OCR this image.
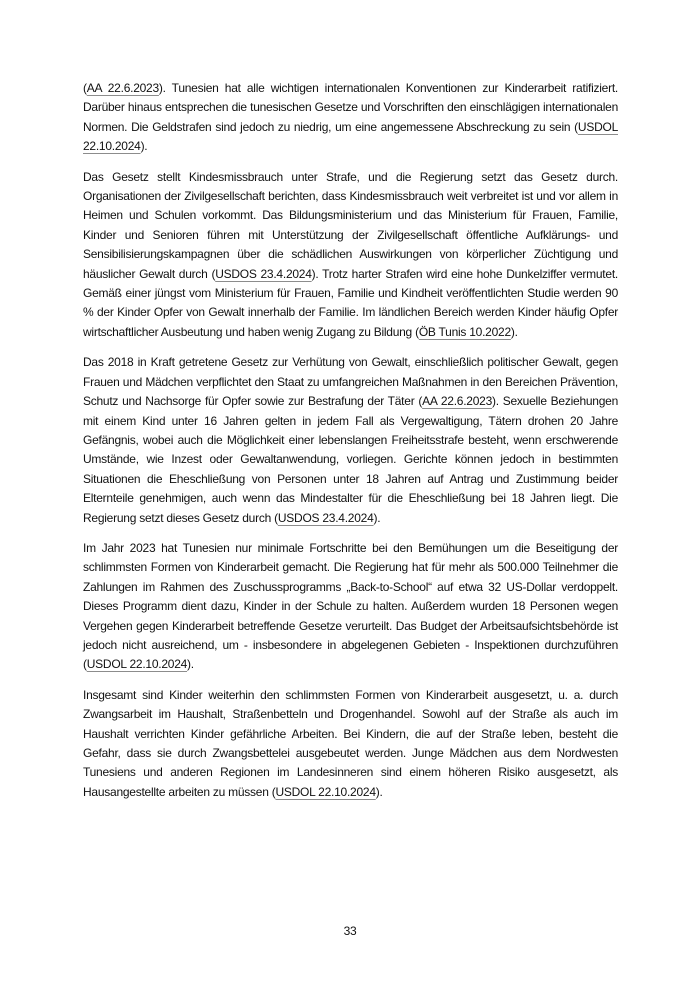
(AA 22.6.2023). Tunesien hat alle wichtigen internationalen Konventionen zur Kinderarbeit ratifiziert. Darüber hinaus entsprechen die tunesischen Gesetze und Vorschriften den einschlägigen internationalen Normen. Die Geldstrafen sind jedoch zu niedrig, um eine angemessene Abschreckung zu sein (USDOL 22.10.2024).

Das Gesetz stellt Kindesmissbrauch unter Strafe, und die Regierung setzt das Gesetz durch. Organisationen der Zivilgesellschaft berichten, dass Kindesmissbrauch weit verbreitet ist und vor allem in Heimen und Schulen vorkommt. Das Bildungsministerium und das Ministerium für Frauen, Familie, Kinder und Senioren führen mit Unterstützung der Zivilgesellschaft öffentliche Aufklärungs- und Sensibilisierungskampagnen über die schädlichen Auswirkungen von körperlicher Züchtigung und häuslicher Gewalt durch (USDOS 23.4.2024). Trotz harter Strafen wird eine hohe Dunkelziffer vermutet. Gemäß einer jüngst vom Ministerium für Frauen, Familie und Kindheit veröffentlichten Studie werden 90 % der Kinder Opfer von Gewalt innerhalb der Familie. Im ländlichen Bereich werden Kinder häufig Opfer wirtschaftlicher Ausbeutung und haben wenig Zugang zu Bildung (ÖB Tunis 10.2022).

Das 2018 in Kraft getretene Gesetz zur Verhütung von Gewalt, einschließlich politischer Gewalt, gegen Frauen und Mädchen verpflichtet den Staat zu umfangreichen Maßnahmen in den Bereichen Prävention, Schutz und Nachsorge für Opfer sowie zur Bestrafung der Täter (AA 22.6.2023). Sexuelle Beziehungen mit einem Kind unter 16 Jahren gelten in jedem Fall als Vergewaltigung, Tätern drohen 20 Jahre Gefängnis, wobei auch die Möglichkeit einer lebenslangen Freiheitsstrafe besteht, wenn erschwerende Umstände, wie Inzest oder Gewaltanwendung, vorliegen. Gerichte können jedoch in bestimmten Situationen die Eheschließung von Personen unter 18 Jahren auf Antrag und Zustimmung beider Elternteile genehmigen, auch wenn das Mindestalter für die Eheschließung bei 18 Jahren liegt. Die Regierung setzt dieses Gesetz durch (USDOS 23.4.2024).

Im Jahr 2023 hat Tunesien nur minimale Fortschritte bei den Bemühungen um die Beseitigung der schlimmsten Formen von Kinderarbeit gemacht. Die Regierung hat für mehr als 500.000 Teilnehmer die Zahlungen im Rahmen des Zuschussprogramms „Back-to-School“ auf etwa 32 US-Dollar verdoppelt. Dieses Programm dient dazu, Kinder in der Schule zu halten. Außerdem wurden 18 Personen wegen Vergehen gegen Kinderarbeit betreffende Gesetze verurteilt. Das Budget der Arbeitsaufsichtsbehörde ist jedoch nicht ausreichend, um - insbesondere in abgelegenen Gebieten - Inspektionen durchzuführen (USDOL 22.10.2024).

Insgesamt sind Kinder weiterhin den schlimmsten Formen von Kinderarbeit ausgesetzt, u. a. durch Zwangsarbeit im Haushalt, Straßenbetteln und Drogenhandel. Sowohl auf der Straße als auch im Haushalt verrichten Kinder gefährliche Arbeiten. Bei Kindern, die auf der Straße leben, besteht die Gefahr, dass sie durch Zwangsbettelei ausgebeutet werden. Junge Mädchen aus dem Nordwesten Tunesiens und anderen Regionen im Landesinneren sind einem höheren Risiko ausgesetzt, als Hausangestellte arbeiten zu müssen (USDOL 22.10.2024).

33
